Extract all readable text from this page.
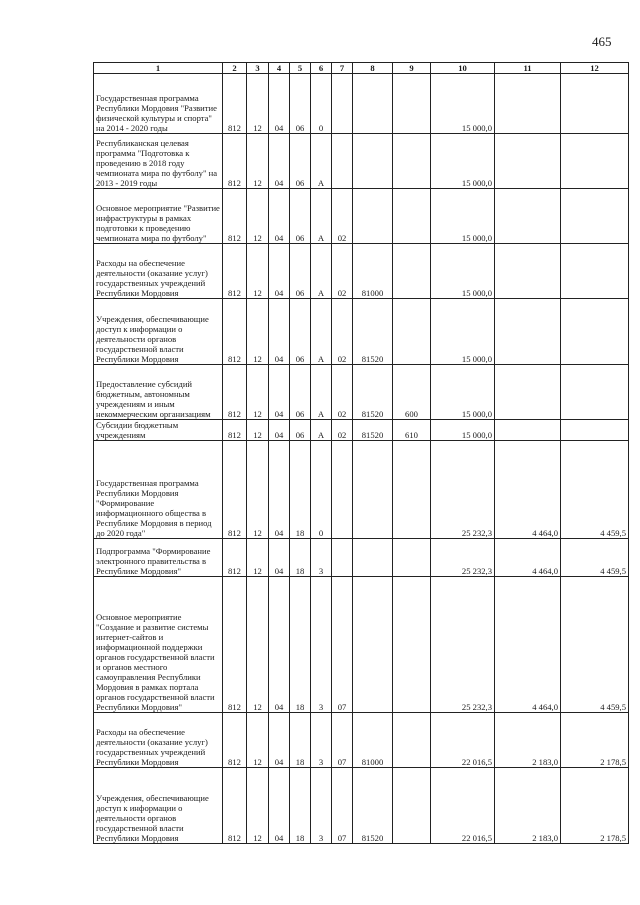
465
1	2	3	4	5	6	7	8	9	10	11	12
Государственная программа Республики Мордовия "Развитие физической культуры и спорта" на 2014 - 2020 годы	812	12	04	06	0				15 000,0		
Республиканская целевая программа "Подготовка к проведению в 2018 году чемпионата мира по футболу" на 2013 - 2019 годы	812	12	04	06	А				15 000,0		
Основное мероприятие "Развитие инфраструктуры в рамках подготовки к проведению чемпионата мира по футболу"	812	12	04	06	А	02			15 000,0		
Расходы на обеспечение деятельности (оказание услуг) государственных учреждений Республики Мордовия	812	12	04	06	А	02	81000		15 000,0		
Учреждения, обеспечивающие доступ к информации о деятельности органов государственной власти Республики Мордовия	812	12	04	06	А	02	81520		15 000,0		
Предоставление субсидий бюджетным, автономным учреждениям и иным некоммерческим организациям	812	12	04	06	А	02	81520	600	15 000,0		
Субсидии бюджетным учреждениям	812	12	04	06	А	02	81520	610	15 000,0		
Государственная программа Республики Мордовия "Формирование информационного общества в Республике Мордовия в период до 2020 года"	812	12	04	18	0				25 232,3	4 464,0	4 459,5
Подпрограмма "Формирование электронного правительства в Республике Мордовия"	812	12	04	18	3				25 232,3	4 464,0	4 459,5
Основное мероприятие "Создание и развитие системы интернет-сайтов и информационной поддержки органов государственной власти и органов местного самоуправления Республики Мордовия в рамках портала органов государственной власти Республики Мордовия"	812	12	04	18	3	07			25 232,3	4 464,0	4 459,5
Расходы на обеспечение деятельности (оказание услуг) государственных учреждений Республики Мордовия	812	12	04	18	3	07	81000		22 016,5	2 183,0	2 178,5
Учреждения, обеспечивающие доступ к информации о деятельности органов государственной власти Республики Мордовия	812	12	04	18	3	07	81520		22 016,5	2 183,0	2 178,5
